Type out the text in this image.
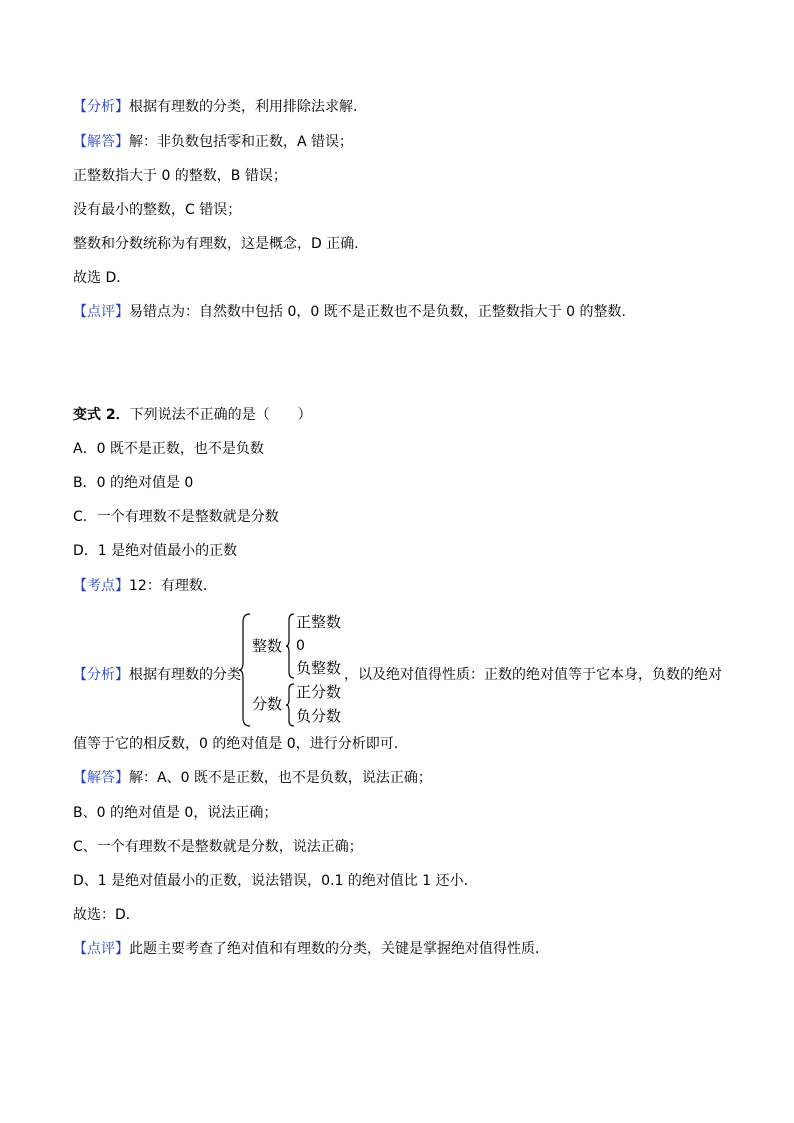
【分析】根据有理数的分类，利用排除法求解．
【解答】解：非负数包括零和正数，A 错误；
正整数指大于 0 的整数，B 错误；
没有最小的整数，C 错误；
整数和分数统称为有理数，这是概念，D 正确．
故选 D．
【点评】易错点为：自然数中包括 0，0 既不是正数也不是负数，正整数指大于 0 的整数．
变式 2．下列说法不正确的是（　　）
A．0 既不是正数，也不是负数
B．0 的绝对值是 0
C．一个有理数不是整数就是分数
D．1 是绝对值最小的正数
【考点】12：有理数．
【分析】根据有理数的分类
整数
正整数
0
负整数
分数
正分数
负分数
，以及绝对值得性质：正数的绝对值等于它本身，负数的绝对
值等于它的相反数，0 的绝对值是 0，进行分析即可．
【解答】解：A、0 既不是正数，也不是负数，说法正确；
B、0 的绝对值是 0，说法正确；
C、一个有理数不是整数就是分数，说法正确；
D、1 是绝对值最小的正数，说法错误，0.1 的绝对值比 1 还小．
故选：D．
【点评】此题主要考查了绝对值和有理数的分类，关键是掌握绝对值得性质．
